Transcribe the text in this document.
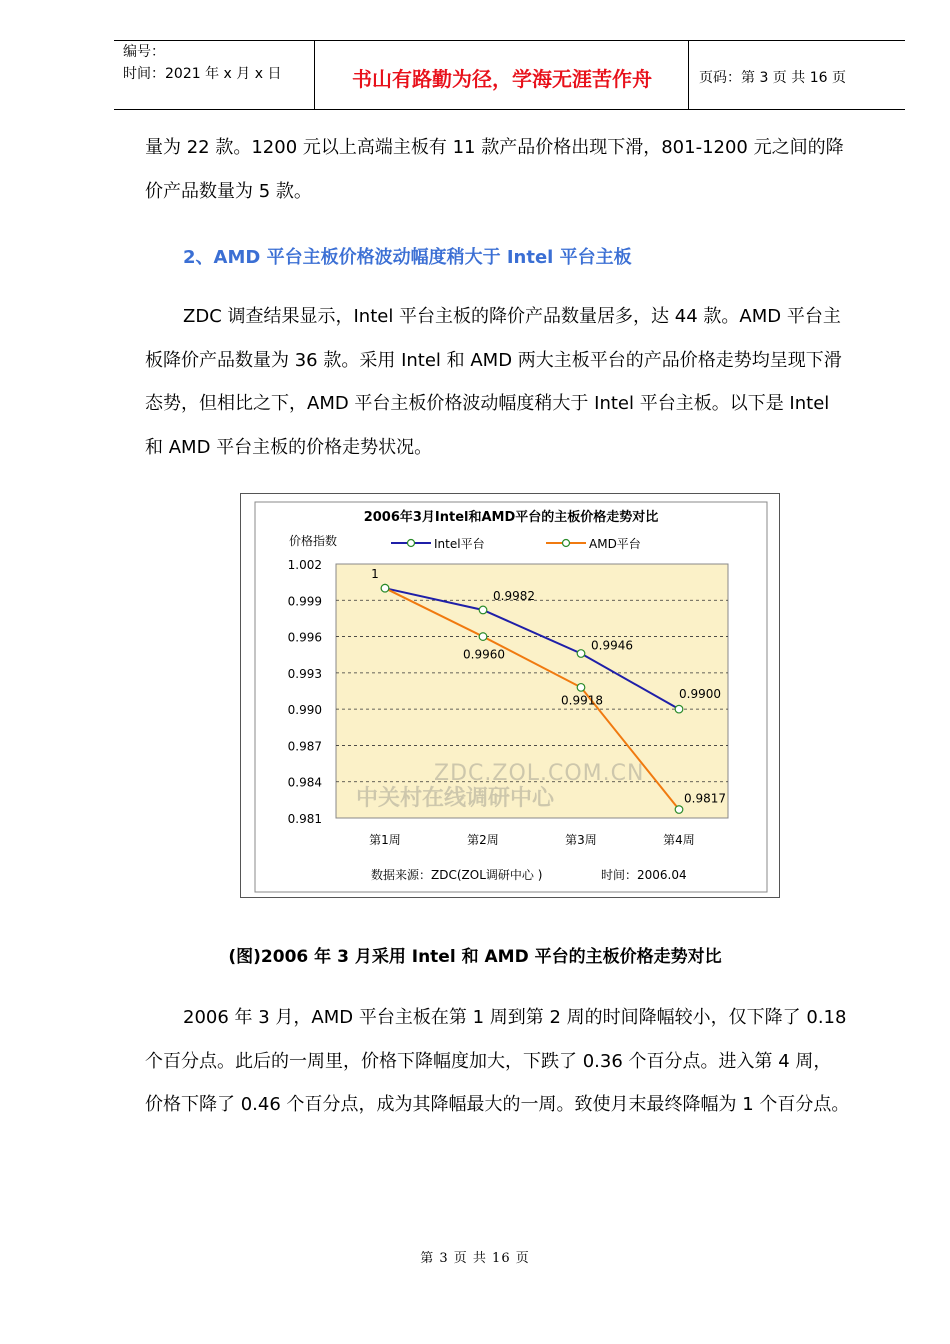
编号：
时间：2021 年 x 月 x 日	书山有路勤为径，学海无涯苦作舟	页码：第 3 页 共 16 页
量为 22 款。1200 元以上高端主板有 11 款产品价格出现下滑，801-1200 元之间的降
价产品数量为 5 款。
2、AMD 平台主板价格波动幅度稍大于 Intel 平台主板
ZDC 调查结果显示，Intel 平台主板的降价产品数量居多，达 44 款。AMD 平台主
板降价产品数量为 36 款。采用 Intel 和 AMD 两大主板平台的产品价格走势均呈现下滑
态势，但相比之下，AMD 平台主板价格波动幅度稍大于 Intel 平台主板。以下是 Intel
和 AMD 平台主板的价格走势状况。
2006年3月Intel和AMD平台的主板价格走势对比
价格指数	Intel平台	AMD平台
1.002
0.999
0.996
0.993
0.990
0.987
0.984
0.981
第1周	第2周	第3周	第4周
ZDC.ZOL.COM.CN
中关村在线调研中心
1
0.9982
0.9946
0.9900
0.9960
0.9918
0.9817
数据来源：ZDC(ZOL调研中心 )	时间：2006.04
(图)2006 年 3 月采用 Intel 和 AMD 平台的主板价格走势对比
2006 年 3 月，AMD 平台主板在第 1 周到第 2 周的时间降幅较小，仅下降了 0.18
个百分点。此后的一周里，价格下降幅度加大，下跌了 0.36 个百分点。进入第 4 周，
价格下降了 0.46 个百分点，成为其降幅最大的一周。致使月末最终降幅为 1 个百分点。
第 3 页 共 16 页
